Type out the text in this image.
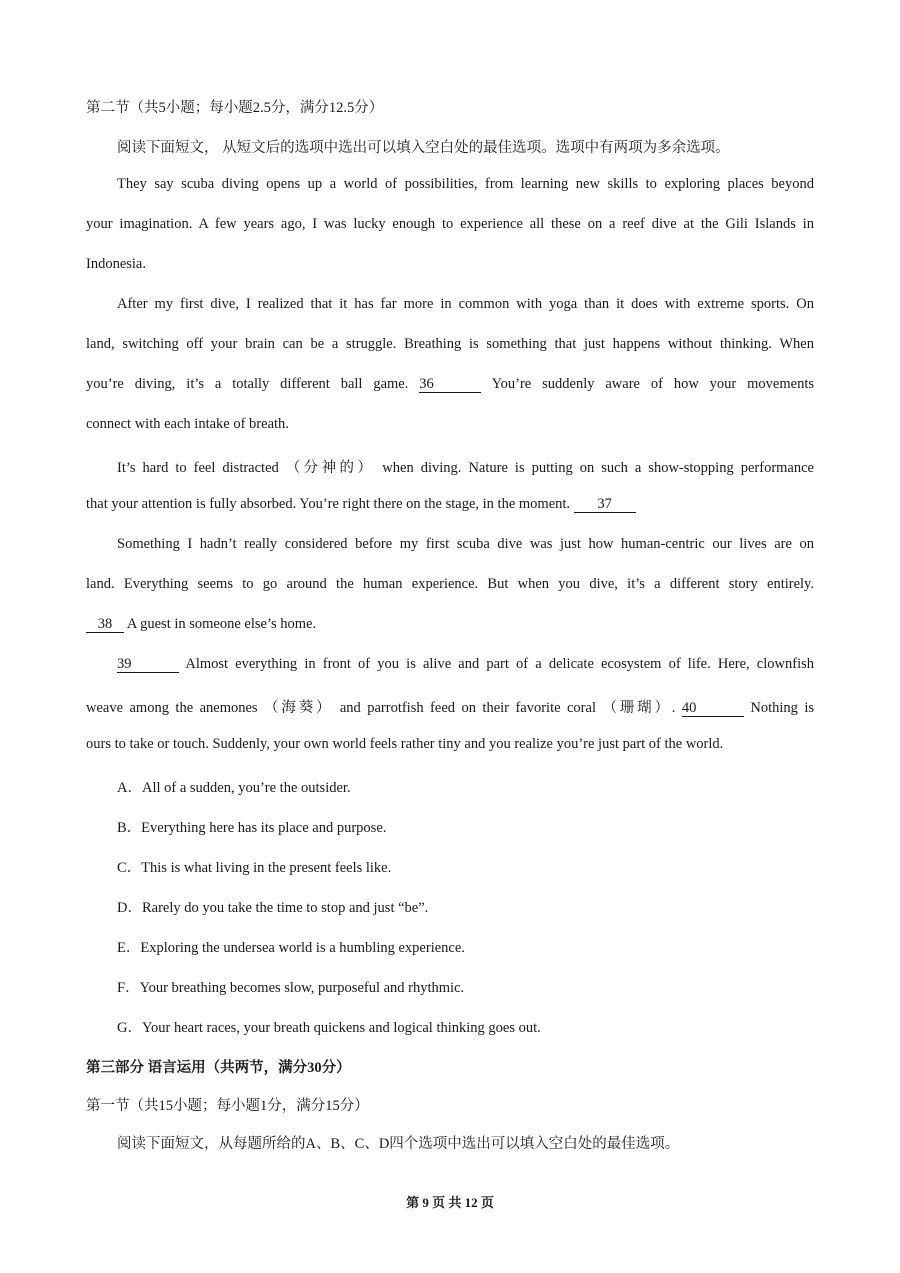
第二节（共5小题；每小题2.5分，满分12.5分）
阅读下面短文， 从短文后的选项中选出可以填入空白处的最佳选项。选项中有两项为多余选项。
They say scuba diving opens up a world of possibilities, from learning new skills to exploring places beyond
your imagination. A few years ago, I was lucky enough to experience all these on a reef dive at the Gili Islands in
Indonesia.
After my first dive, I realized that it has far more in common with yoga than it does with extreme sports. On
land, switching off your brain can be a struggle. Breathing is something that just happens without thinking. When
you’re diving, it’s a totally different ball game. 36	You’re suddenly aware of how your movements
connect with each intake of breath.
It’s hard to feel distracted （分神的） when diving. Nature is putting on such a show-stopping performance
that your attention is fully absorbed. You’re right there on the stage, in the moment. 37
Something I hadn’t really considered before my first scuba dive was just how human-centric our lives are on
land. Everything seems to go around the human experience. But when you dive, it’s a different story entirely.
38 A guest in someone else’s home.
39	Almost everything in front of you is alive and part of a delicate ecosystem of life. Here, clownfish
weave among the anemones （海葵） and parrotfish feed on their favorite coral （珊瑚）. 40	Nothing is
ours to take or touch. Suddenly, your own world feels rather tiny and you realize you’re just part of the world.
A．All of a sudden, you’re the outsider.
B．Everything here has its place and purpose.
C．This is what living in the present feels like.
D．Rarely do you take the time to stop and just “be”.
E．Exploring the undersea world is a humbling experience.
F．Your breathing becomes slow, purposeful and rhythmic.
G．Your heart races, your breath quickens and logical thinking goes out.
第三部分 语言运用（共两节，满分30分）
第一节（共15小题；每小题1分，满分15分）
阅读下面短文，从每题所给的A、B、C、D四个选项中选出可以填入空白处的最佳选项。
第 9 页 共 12 页
